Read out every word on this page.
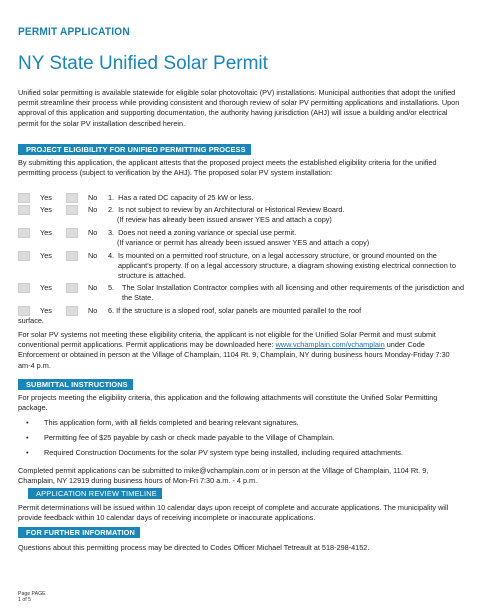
PERMIT APPLICATION
NY State Unified Solar Permit
Unified solar permitting is available statewide for eligible solar photovoltaic (PV) installations. Municipal authorities that adopt the unified permit streamline their process while providing consistent and thorough review of solar PV permitting applications and installations. Upon approval of this application and supporting documentation, the authority having jurisdiction (AHJ) will issue a building and/or electrical permit for the solar PV installation described herein.
PROJECT ELIGIBILITY FOR UNIFIED PERMITTING PROCESS
By submitting this application, the applicant attests that the proposed project meets the established eligibility criteria for the unified permitting process (subject to verification by the AHJ). The proposed solar PV system installation:
Yes	No 1. Has a rated DC capacity of 25 kW or less.
Yes	No 2. Is not subject to review by an Architectural or Historical Review Board.
(If review has already been issued answer YES and attach a copy)
Yes	No 3. Does not need a zoning variance or special use permit.
(If variance or permit has already been issued answer YES and attach a copy)
Yes	No 4. Is mounted on a permitted roof structure, on a legal accessory structure, or ground mounted on the applicant's property. If on a legal accessory structure, a diagram showing existing electrical connection to structure is attached.
Yes	No 5.	The Solar Installation Contractor complies with all licensing and other requirements of the jurisdiction and the State.
Yes	No 6. If the structure is a sloped roof, solar panels are mounted parallel to the roof
surface.
For solar PV systems not meeting these eligibility criteria, the applicant is not eligible for the Unified Solar Permit and must submit conventional permit applications. Permit applications may be downloaded here: www.vchamplain.com/vchamplain under Code Enforcement or obtained in person at the Village of Champlain, 1104 Rt. 9, Champlain, NY during business hours Monday-Friday 7:30 am-4 p.m.
SUBMITTAL INSTRUCTIONS
For projects meeting the eligibility criteria, this application and the following attachments will constitute the Unified Solar Permitting package.
• This application form, with all fields completed and bearing relevant signatures.
• Permitting fee of $25 payable by cash or check made payable to the Village of Champlain.
• Required Construction Documents for the solar PV system type being installed, including required attachments.
Completed permit applications can be submitted to mike@vchamplain.com or in person at the Village of Champlain, 1104 Rt. 9, Champlain, NY 12919 during business hours of Mon-Fri 7:30 a.m. - 4 p.m.
APPLICATION REVIEW TIMELINE
Permit determinations will be issued within 10 calendar days upon receipt of complete and accurate applications. The municipality will provide feedback within 10 calendar days of receiving incomplete or inaccurate applications.
FOR FURTHER INFORMATION
Questions about this permitting process may be directed to Codes Officer Michael Tetreault at 518-298-4152.
Page PAGE
1 of 5
